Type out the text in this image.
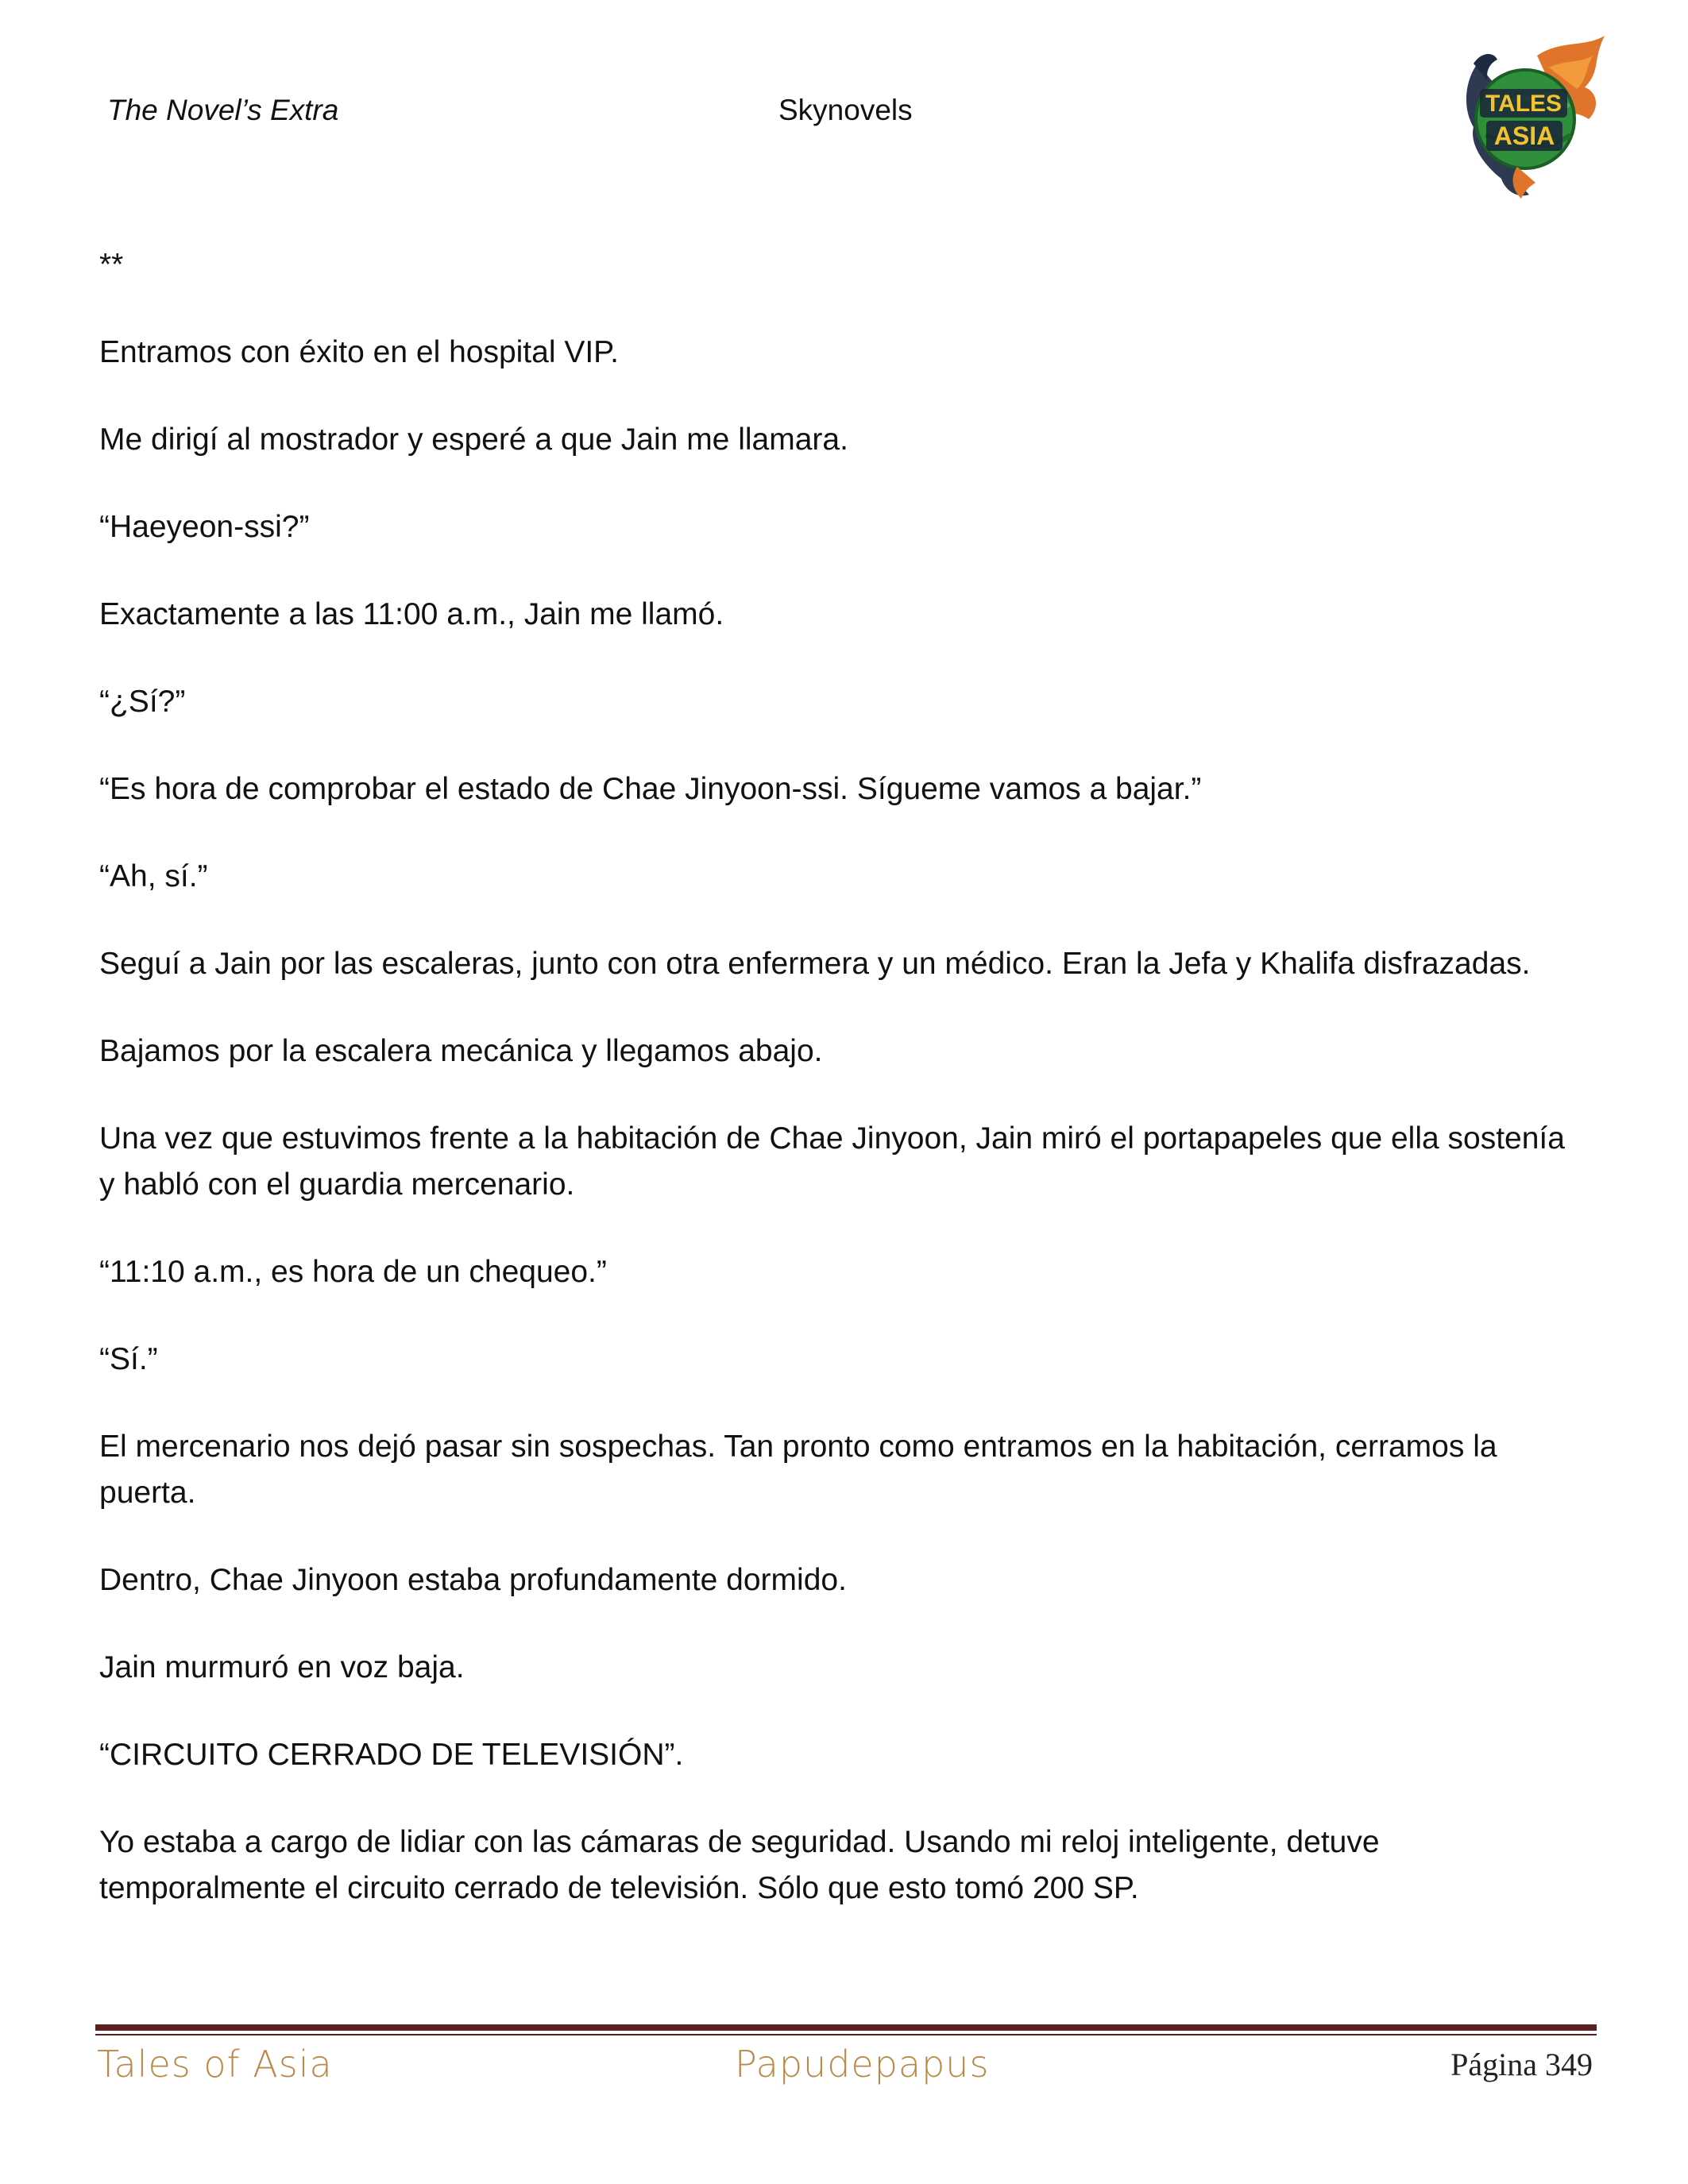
The Novel’s Extra	Skynovels	TALES
ASIA

**

Entramos con éxito en el hospital VIP.

Me dirigí al mostrador y esperé a que Jain me llamara.

“Haeyeon-ssi?”

Exactamente a las 11:00 a.m., Jain me llamó.

“¿Sí?”

“Es hora de comprobar el estado de Chae Jinyoon-ssi. Sígueme vamos a bajar.”

“Ah, sí.”

Seguí a Jain por las escaleras, junto con otra enfermera y un médico. Eran la Jefa y Khalifa disfrazadas.

Bajamos por la escalera mecánica y llegamos abajo.

Una vez que estuvimos frente a la habitación de Chae Jinyoon, Jain miró el portapapeles que ella sostenía y habló con el guardia mercenario.

“11:10 a.m., es hora de un chequeo.”

“Sí.”

El mercenario nos dejó pasar sin sospechas. Tan pronto como entramos en la habitación, cerramos la puerta.

Dentro, Chae Jinyoon estaba profundamente dormido.

Jain murmuró en voz baja.

“CIRCUITO CERRADO DE TELEVISIÓN”.

Yo estaba a cargo de lidiar con las cámaras de seguridad. Usando mi reloj inteligente, detuve temporalmente el circuito cerrado de televisión. Sólo que esto tomó 200 SP.

Tales of Asia	Papudepapus	Página 349
